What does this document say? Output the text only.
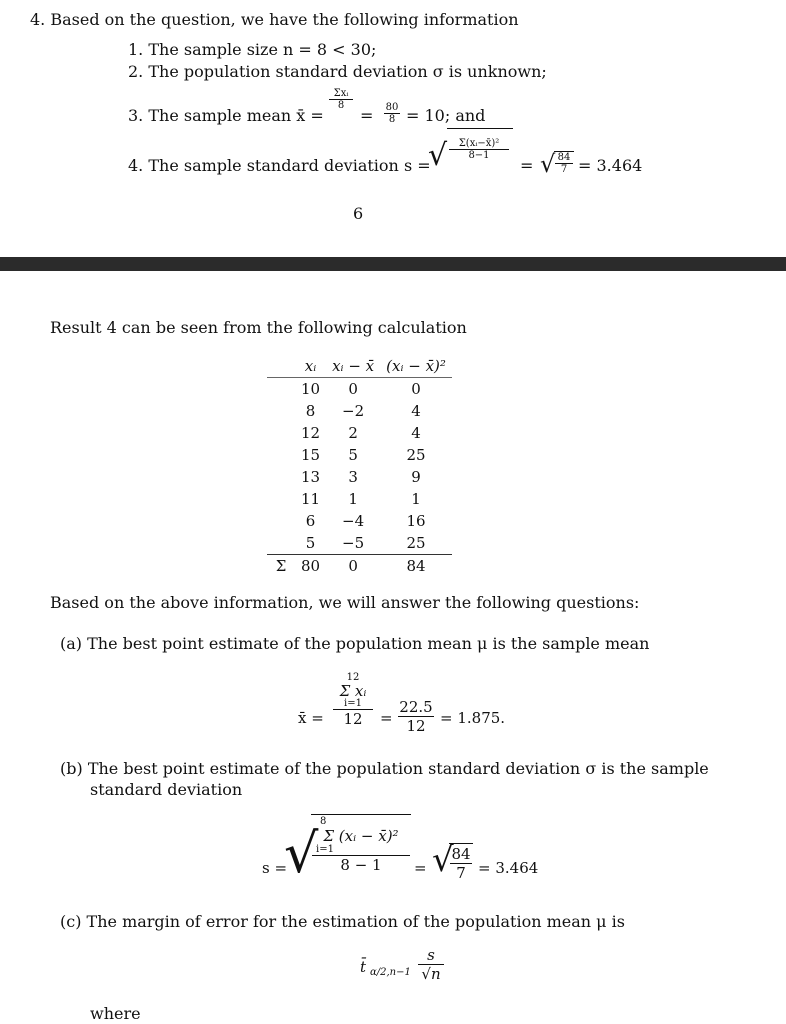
4. Based on the question, we have the following information
1. The sample size n = 8 < 30;
2. The population standard deviation σ is unknown;
3. The sample mean x̄ =
Σxᵢ
8
= $\frac{80}{8} = 10$; and
4. The sample standard deviation s =
√ $\frac{\text{Σ(xᵢ−x̄)²}}{8-1}$
= √ $\frac{84}{7} = 3.464$
6
Result 4 can be seen from the following calculation
	xᵢ	xᵢ − x̄	(xᵢ − x̄)²
	10	0	0
	8	−2	4
	12	2	4
	15	5	25
	13	3	9
	11	1	1
	6	−4	16
	5	−5	25
Σ	80	0	84
Based on the above information, we will answer the following questions:
(a) The best point estimate of the population mean μ is the sample mean
x̄ =
12
Σ xᵢ
i=1
12	= $\frac{22.5}{12} = 1.875$.
(b) The best point estimate of the population standard deviation σ is the sample
standard deviation
s =
√
8
Σ (xᵢ − x̄)²
i=1
8 − 1	= √
$\frac{84}{7} = 3.464$
(c) The margin of error for the estimation of the population mean μ is
t̄ $\alpha/2,n-1 \frac{s}{√n}$
where
